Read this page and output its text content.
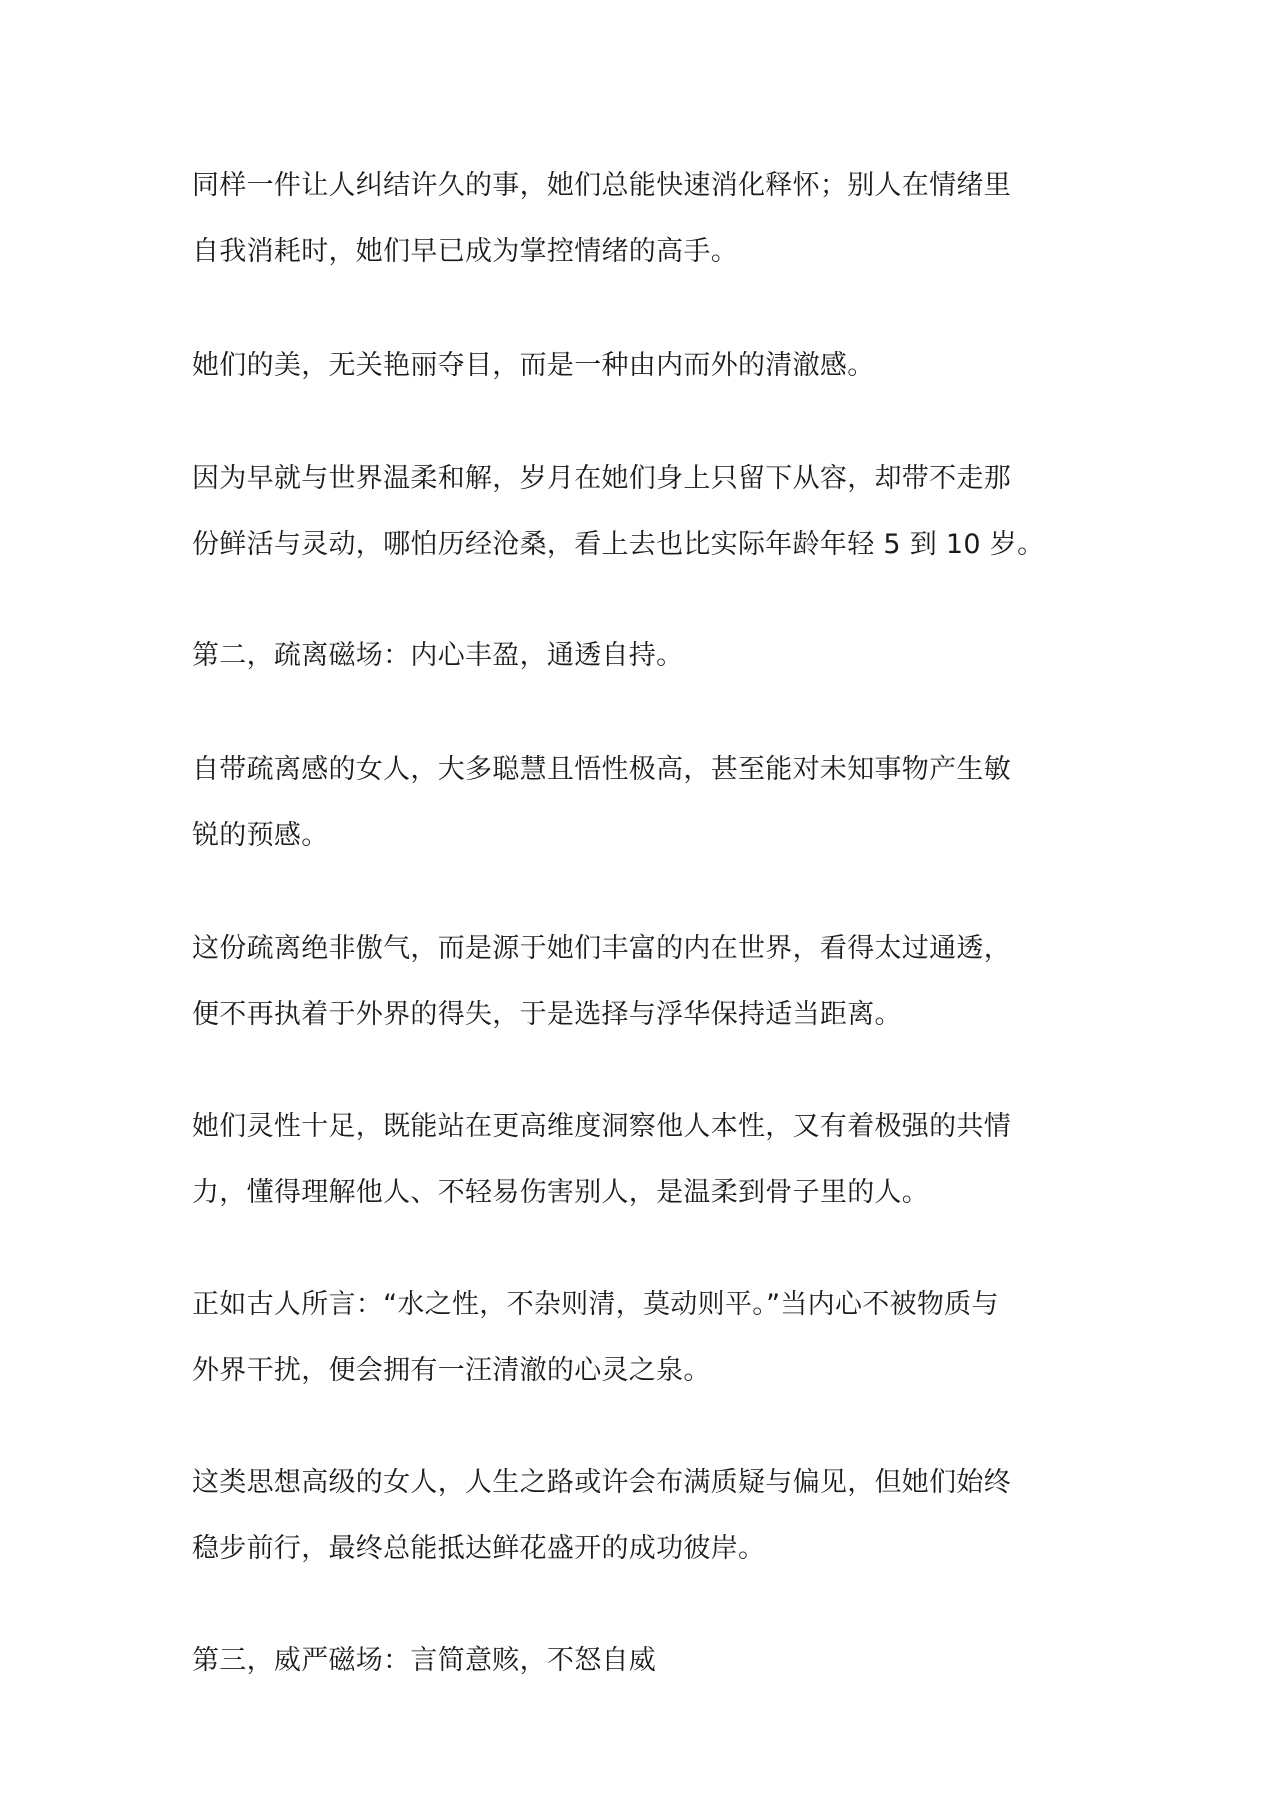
同样一件让人纠结许久的事，她们总能快速消化释怀；别人在情绪里
自我消耗时，她们早已成为掌控情绪的高手。

她们的美，无关艳丽夺目，而是一种由内而外的清澈感。

因为早就与世界温柔和解，岁月在她们身上只留下从容，却带不走那
份鲜活与灵动，哪怕历经沧桑，看上去也比实际年龄年轻 5 到 10 岁。

第二，疏离磁场：内心丰盈，通透自持。

自带疏离感的女人，大多聪慧且悟性极高，甚至能对未知事物产生敏
锐的预感。

这份疏离绝非傲气，而是源于她们丰富的内在世界，看得太过通透，
便不再执着于外界的得失，于是选择与浮华保持适当距离。

她们灵性十足，既能站在更高维度洞察他人本性，又有着极强的共情
力，懂得理解他人、不轻易伤害别人，是温柔到骨子里的人。

正如古人所言：“水之性，不杂则清，莫动则平。”当内心不被物质与
外界干扰，便会拥有一汪清澈的心灵之泉。

这类思想高级的女人，人生之路或许会布满质疑与偏见，但她们始终
稳步前行，最终总能抵达鲜花盛开的成功彼岸。

第三，威严磁场：言简意赅，不怒自威
